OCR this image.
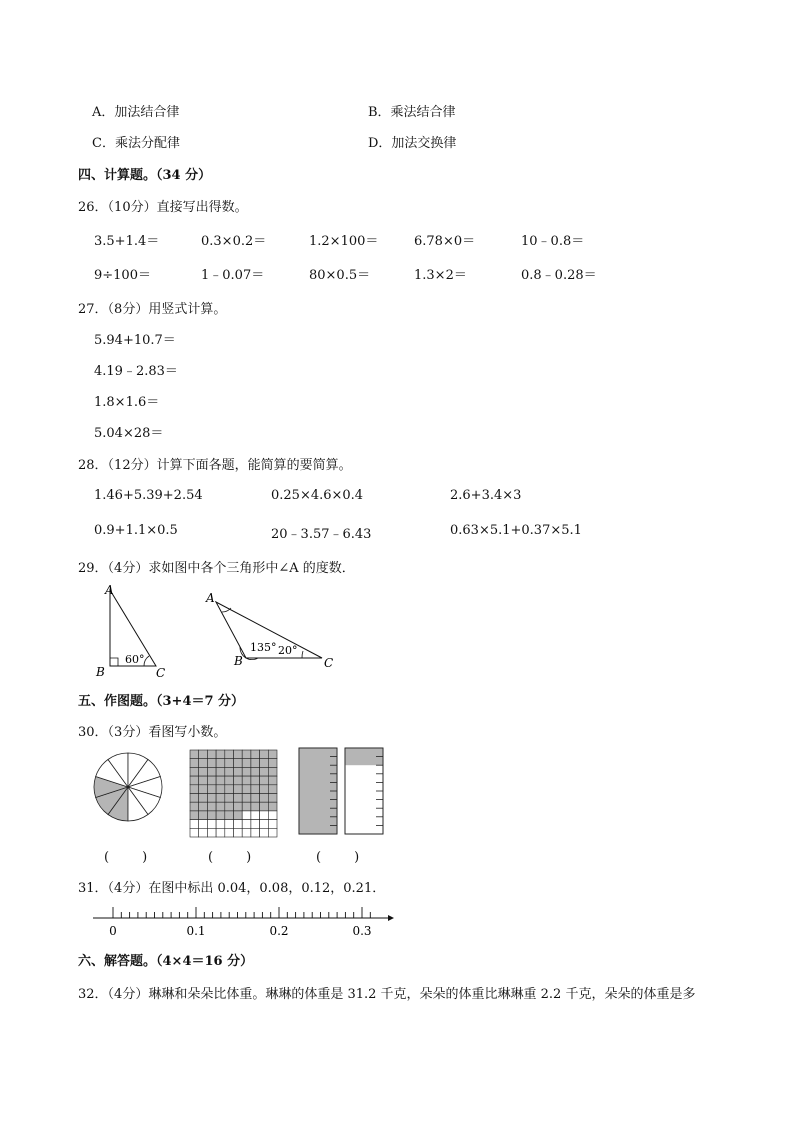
A．加法结合律	B．乘法结合律
C．乘法分配律	D．加法交换律
四、计算题。（34 分）
26．（10分）直接写出得数。
3.5+1.4＝	0.3×0.2＝	1.2×100＝	6.78×0＝	10﹣0.8＝
9÷100＝	1﹣0.07＝	80×0.5＝	1.3×2＝	0.8﹣0.28＝
27．（8分）用竖式计算。
5.94+10.7＝
4.19﹣2.83＝
1.8×1.6＝
5.04×28＝
28．（12分）计算下面各题，能简算的要简算。
1.46+5.39+2.54	0.25×4.6×0.4	2.6+3.4×3
0.9+1.1×0.5	20﹣3.57﹣6.43	0.63×5.1+0.37×5.1
29．（4分）求如图中各个三角形中∠A 的度数．
A
B	C
60°
A
B	C
135° 20°
五、作图题。（3+4＝7 分）
30．（3分）看图写小数。
(        )	(        )	(        )
31．（4分）在图中标出 0.04，0.08，0.12，0.21．
0	0.1	0.2	0.3
六、解答题。（4×4＝16 分）
32．（4分）琳琳和朵朵比体重。琳琳的体重是 31.2 千克，朵朵的体重比琳琳重 2.2 千克，朵朵的体重是多
